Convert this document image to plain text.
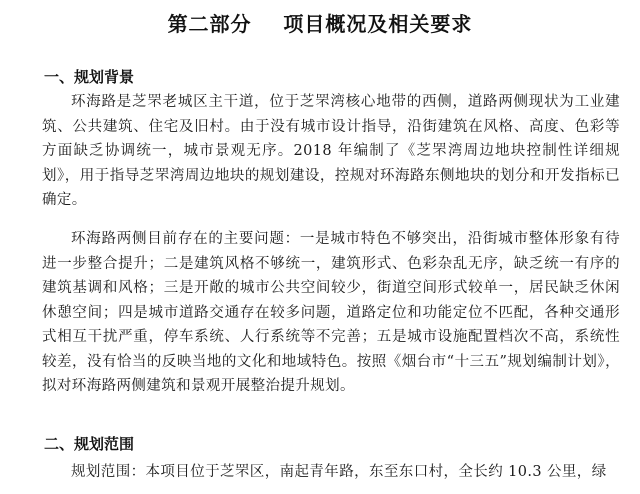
第二部分    项目概况及相关要求
一、规划背景
环海路是芝罘老城区主干道，位于芝罘湾核心地带的西侧，道路两侧现状为工业建筑、公共建筑、住宅及旧村。由于没有城市设计指导，沿街建筑在风格、高度、色彩等方面缺乏协调统一，城市景观无序。2018 年编制了《芝罘湾周边地块控制性详细规划》，用于指导芝罘湾周边地块的规划建设，控规对环海路东侧地块的划分和开发指标已确定。
环海路两侧目前存在的主要问题：一是城市特色不够突出，沿街城市整体形象有待进一步整合提升；二是建筑风格不够统一，建筑形式、色彩杂乱无序，缺乏统一有序的建筑基调和风格；三是开敞的城市公共空间较少，街道空间形式较单一，居民缺乏休闲休憩空间；四是城市道路交通存在较多问题，道路定位和功能定位不匹配，各种交通形式相互干扰严重，停车系统、人行系统等不完善；五是城市设施配置档次不高，系统性较差，没有恰当的反映当地的文化和地域特色。按照《烟台市“十三五”规划编制计划》，拟对环海路两侧建筑和景观开展整治提升规划。
二、规划范围
规划范围：本项目位于芝罘区，南起青年路，东至东口村，全长约 10.3 公里，绿
